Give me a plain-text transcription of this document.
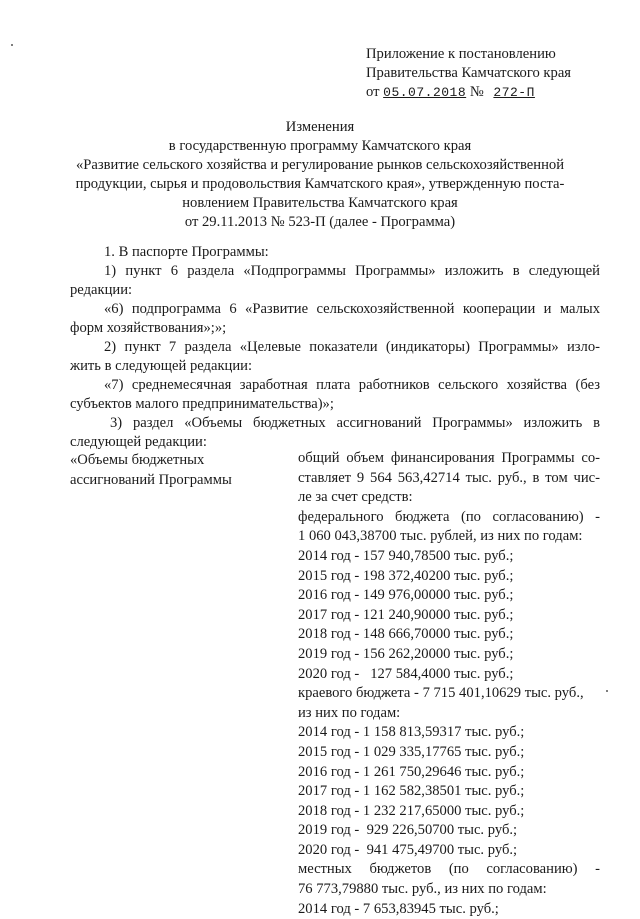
Приложение к постановлению
Правительства Камчатского края
от 05.07.2018 № 272-П
Изменения
в государственную программу Камчатского края
«Развитие сельского хозяйства и регулирование рынков сельскохозяйственной
продукции, сырья и продовольствия Камчатского края», утвержденную поста-
новлением Правительства Камчатского края
от 29.11.2013 № 523-П (далее - Программа)
1. В паспорте Программы:
1) пункт 6 раздела «Подпрограммы Программы» изложить в следующей
редакции:
«6) подпрограмма 6 «Развитие сельскохозяйственной кооперации и малых
форм хозяйствования»;»;
2) пункт 7 раздела «Целевые показатели (индикаторы) Программы» изло-
жить в следующей редакции:
«7) среднемесячная заработная плата работников сельского хозяйства (без
субъектов малого предпринимательства)»;
3) раздел «Объемы бюджетных ассигнований Программы» изложить в
следующей редакции:
«Объемы бюджетных
ассигнований Программы
общий объем финансирования Программы со-
ставляет 9 564 563,42714 тыс. руб., в том чис-
ле за счет средств:
федерального бюджета (по согласованию) -
1 060 043,38700 тыс. рублей, из них по годам:
2014 год - 157 940,78500 тыс. руб.;
2015 год - 198 372,40200 тыс. руб.;
2016 год - 149 976,00000 тыс. руб.;
2017 год - 121 240,90000 тыс. руб.;
2018 год - 148 666,70000 тыс. руб.;
2019 год - 156 262,20000 тыс. руб.;
2020 год -   127 584,4000 тыс. руб.;
краевого бюджета - 7 715 401,10629 тыс. руб.,
из них по годам:
2014 год - 1 158 813,59317 тыс. руб.;
2015 год - 1 029 335,17765 тыс. руб.;
2016 год - 1 261 750,29646 тыс. руб.;
2017 год - 1 162 582,38501 тыс. руб.;
2018 год - 1 232 217,65000 тыс. руб.;
2019 год -  929 226,50700 тыс. руб.;
2020 год -  941 475,49700 тыс. руб.;
местных бюджетов (по согласованию) -
76 773,79880 тыс. руб., из них по годам:
2014 год - 7 653,83945 тыс. руб.;
